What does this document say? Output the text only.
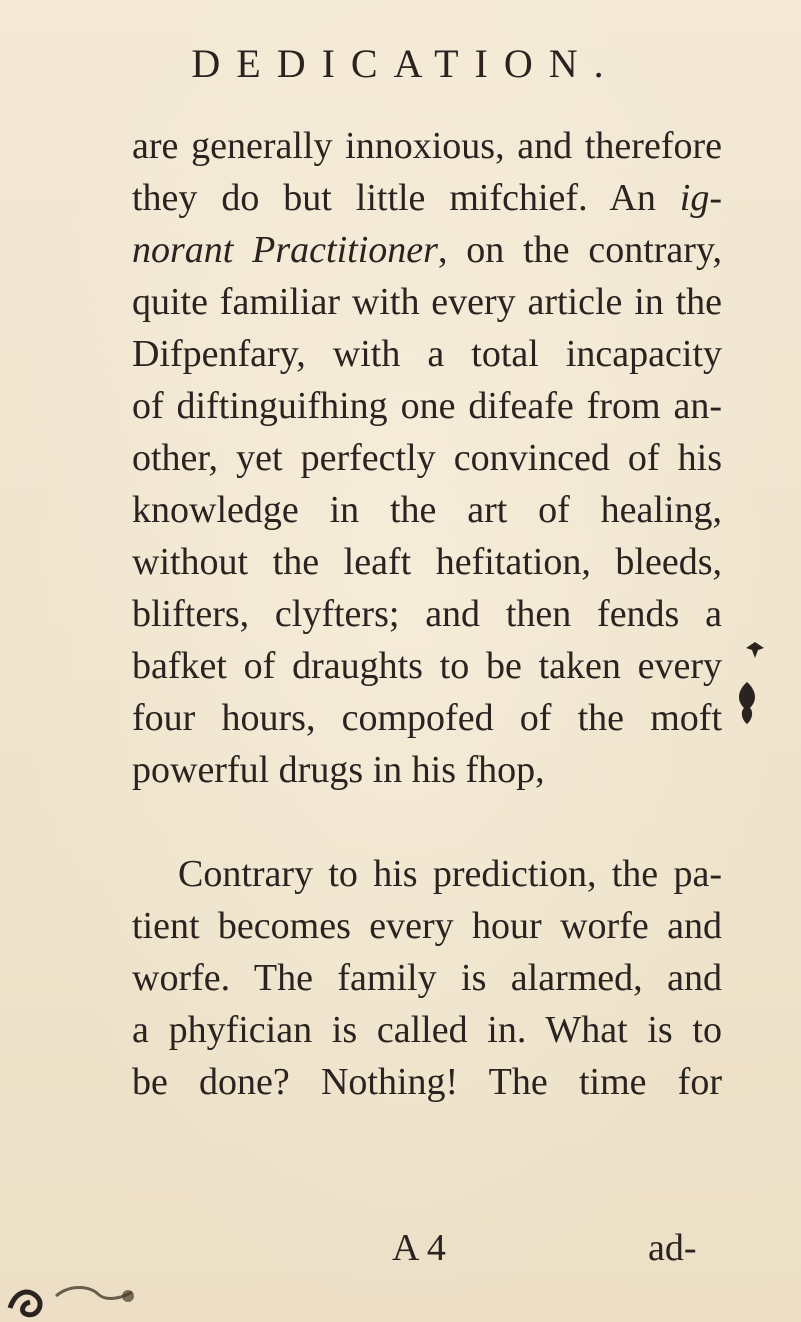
DEDICATION.
are generally innoxious, and therefore
they do but little mifchief. An ig-
norant Practitioner, on the contrary,
quite familiar with every article in the
Difpenfary, with a total incapacity
of diftinguifhing one difeafe from an-
other, yet perfectly convinced of his
knowledge in the art of healing,
without the leaft hefitation, bleeds,
blifters, clyfters; and then fends a
bafket of draughts to be taken every
four hours, compofed of the moft
powerful drugs in his fhop,
Contrary to his prediction, the pa-
tient becomes every hour worfe and
worfe. The family is alarmed, and
a phyfician is called in. What is to
be done? Nothing! The time for
A 4	ad-
